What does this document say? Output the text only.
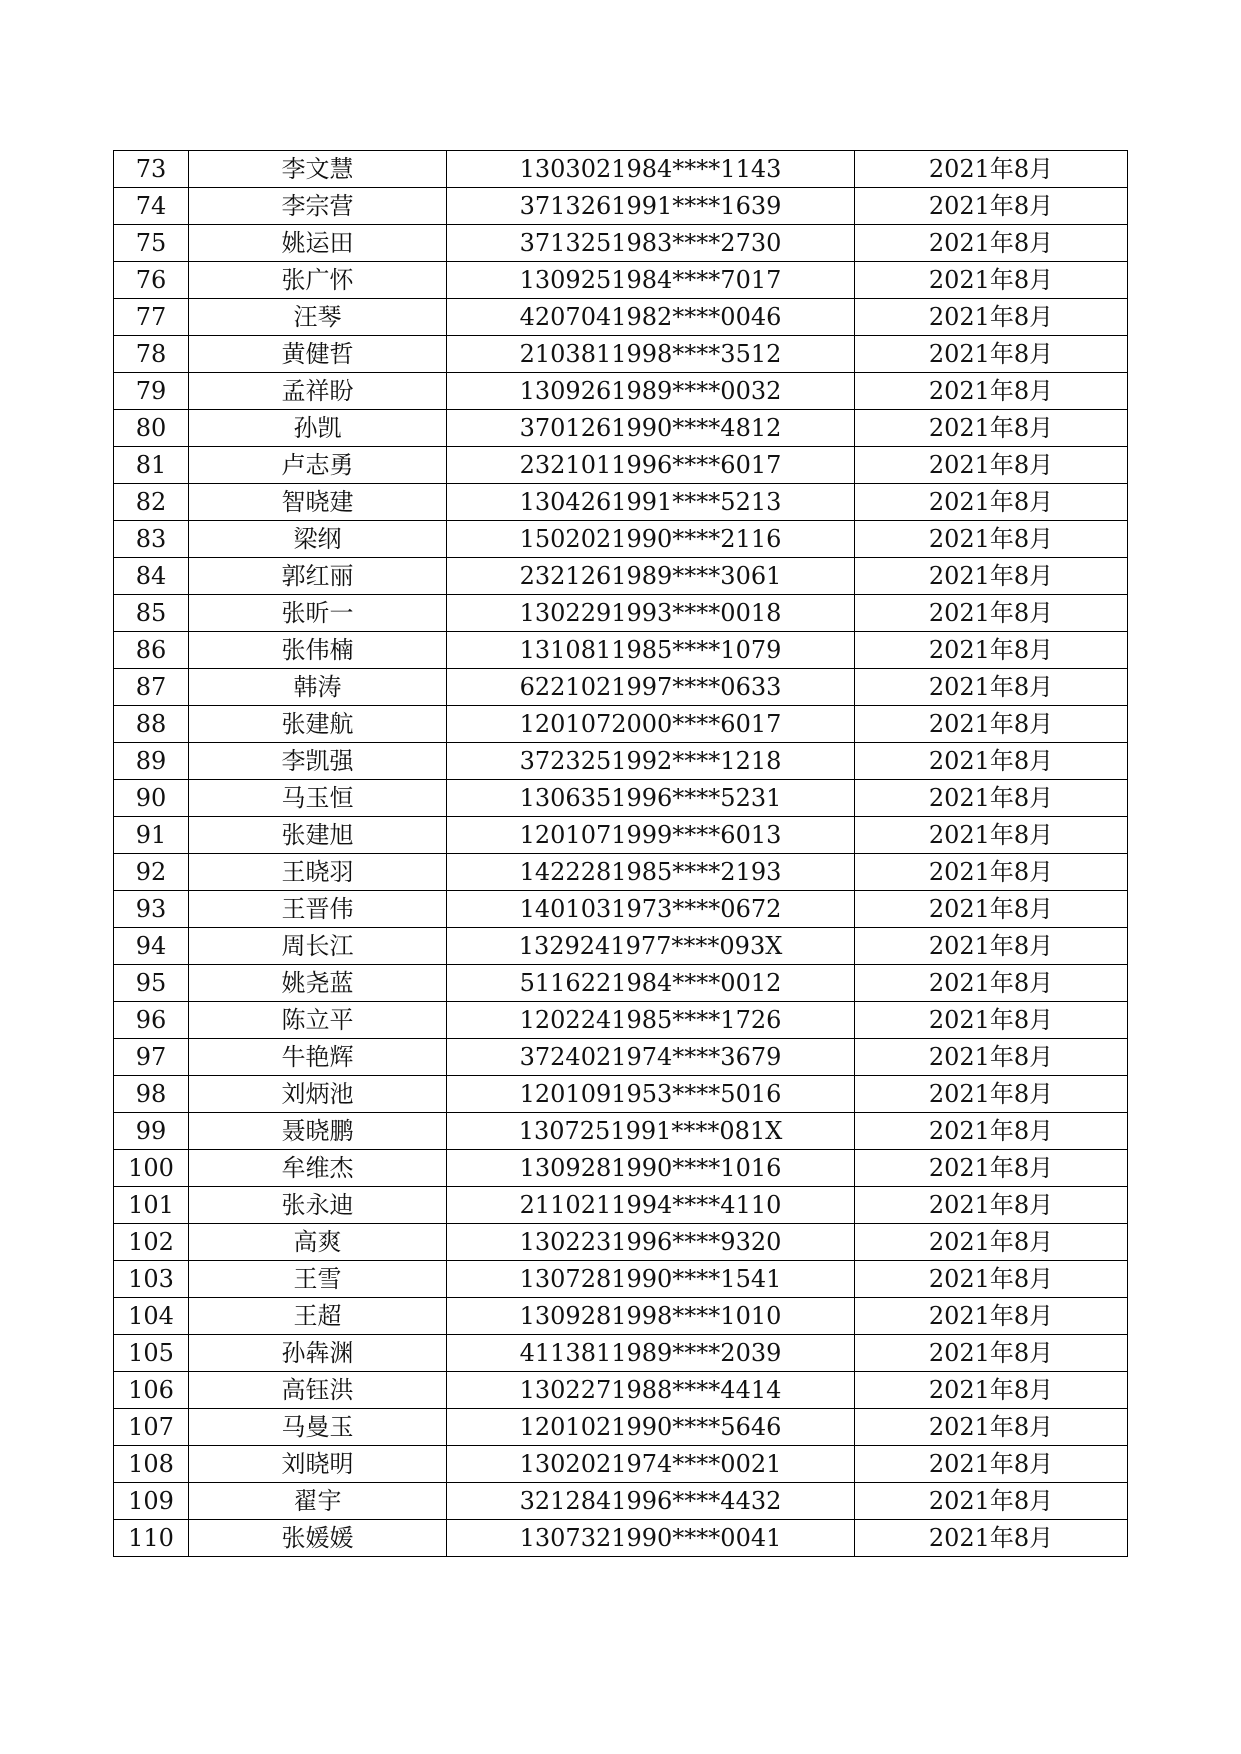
73	李文慧	1303021984****1143	2021年8月
74	李宗营	3713261991****1639	2021年8月
75	姚运田	3713251983****2730	2021年8月
76	张广怀	1309251984****7017	2021年8月
77	汪琴	4207041982****0046	2021年8月
78	黄健哲	2103811998****3512	2021年8月
79	孟祥盼	1309261989****0032	2021年8月
80	孙凯	3701261990****4812	2021年8月
81	卢志勇	2321011996****6017	2021年8月
82	智晓建	1304261991****5213	2021年8月
83	梁纲	1502021990****2116	2021年8月
84	郭红丽	2321261989****3061	2021年8月
85	张昕一	1302291993****0018	2021年8月
86	张伟楠	1310811985****1079	2021年8月
87	韩涛	6221021997****0633	2021年8月
88	张建航	1201072000****6017	2021年8月
89	李凯强	3723251992****1218	2021年8月
90	马玉恒	1306351996****5231	2021年8月
91	张建旭	1201071999****6013	2021年8月
92	王晓羽	1422281985****2193	2021年8月
93	王晋伟	1401031973****0672	2021年8月
94	周长江	1329241977****093X	2021年8月
95	姚尧蓝	5116221984****0012	2021年8月
96	陈立平	1202241985****1726	2021年8月
97	牛艳辉	3724021974****3679	2021年8月
98	刘炳池	1201091953****5016	2021年8月
99	聂晓鹏	1307251991****081X	2021年8月
100	牟维杰	1309281990****1016	2021年8月
101	张永迪	2110211994****4110	2021年8月
102	高爽	1302231996****9320	2021年8月
103	王雪	1307281990****1541	2021年8月
104	王超	1309281998****1010	2021年8月
105	孙犇渊	4113811989****2039	2021年8月
106	高钰洪	1302271988****4414	2021年8月
107	马曼玉	1201021990****5646	2021年8月
108	刘晓明	1302021974****0021	2021年8月
109	翟宇	3212841996****4432	2021年8月
110	张媛媛	1307321990****0041	2021年8月
